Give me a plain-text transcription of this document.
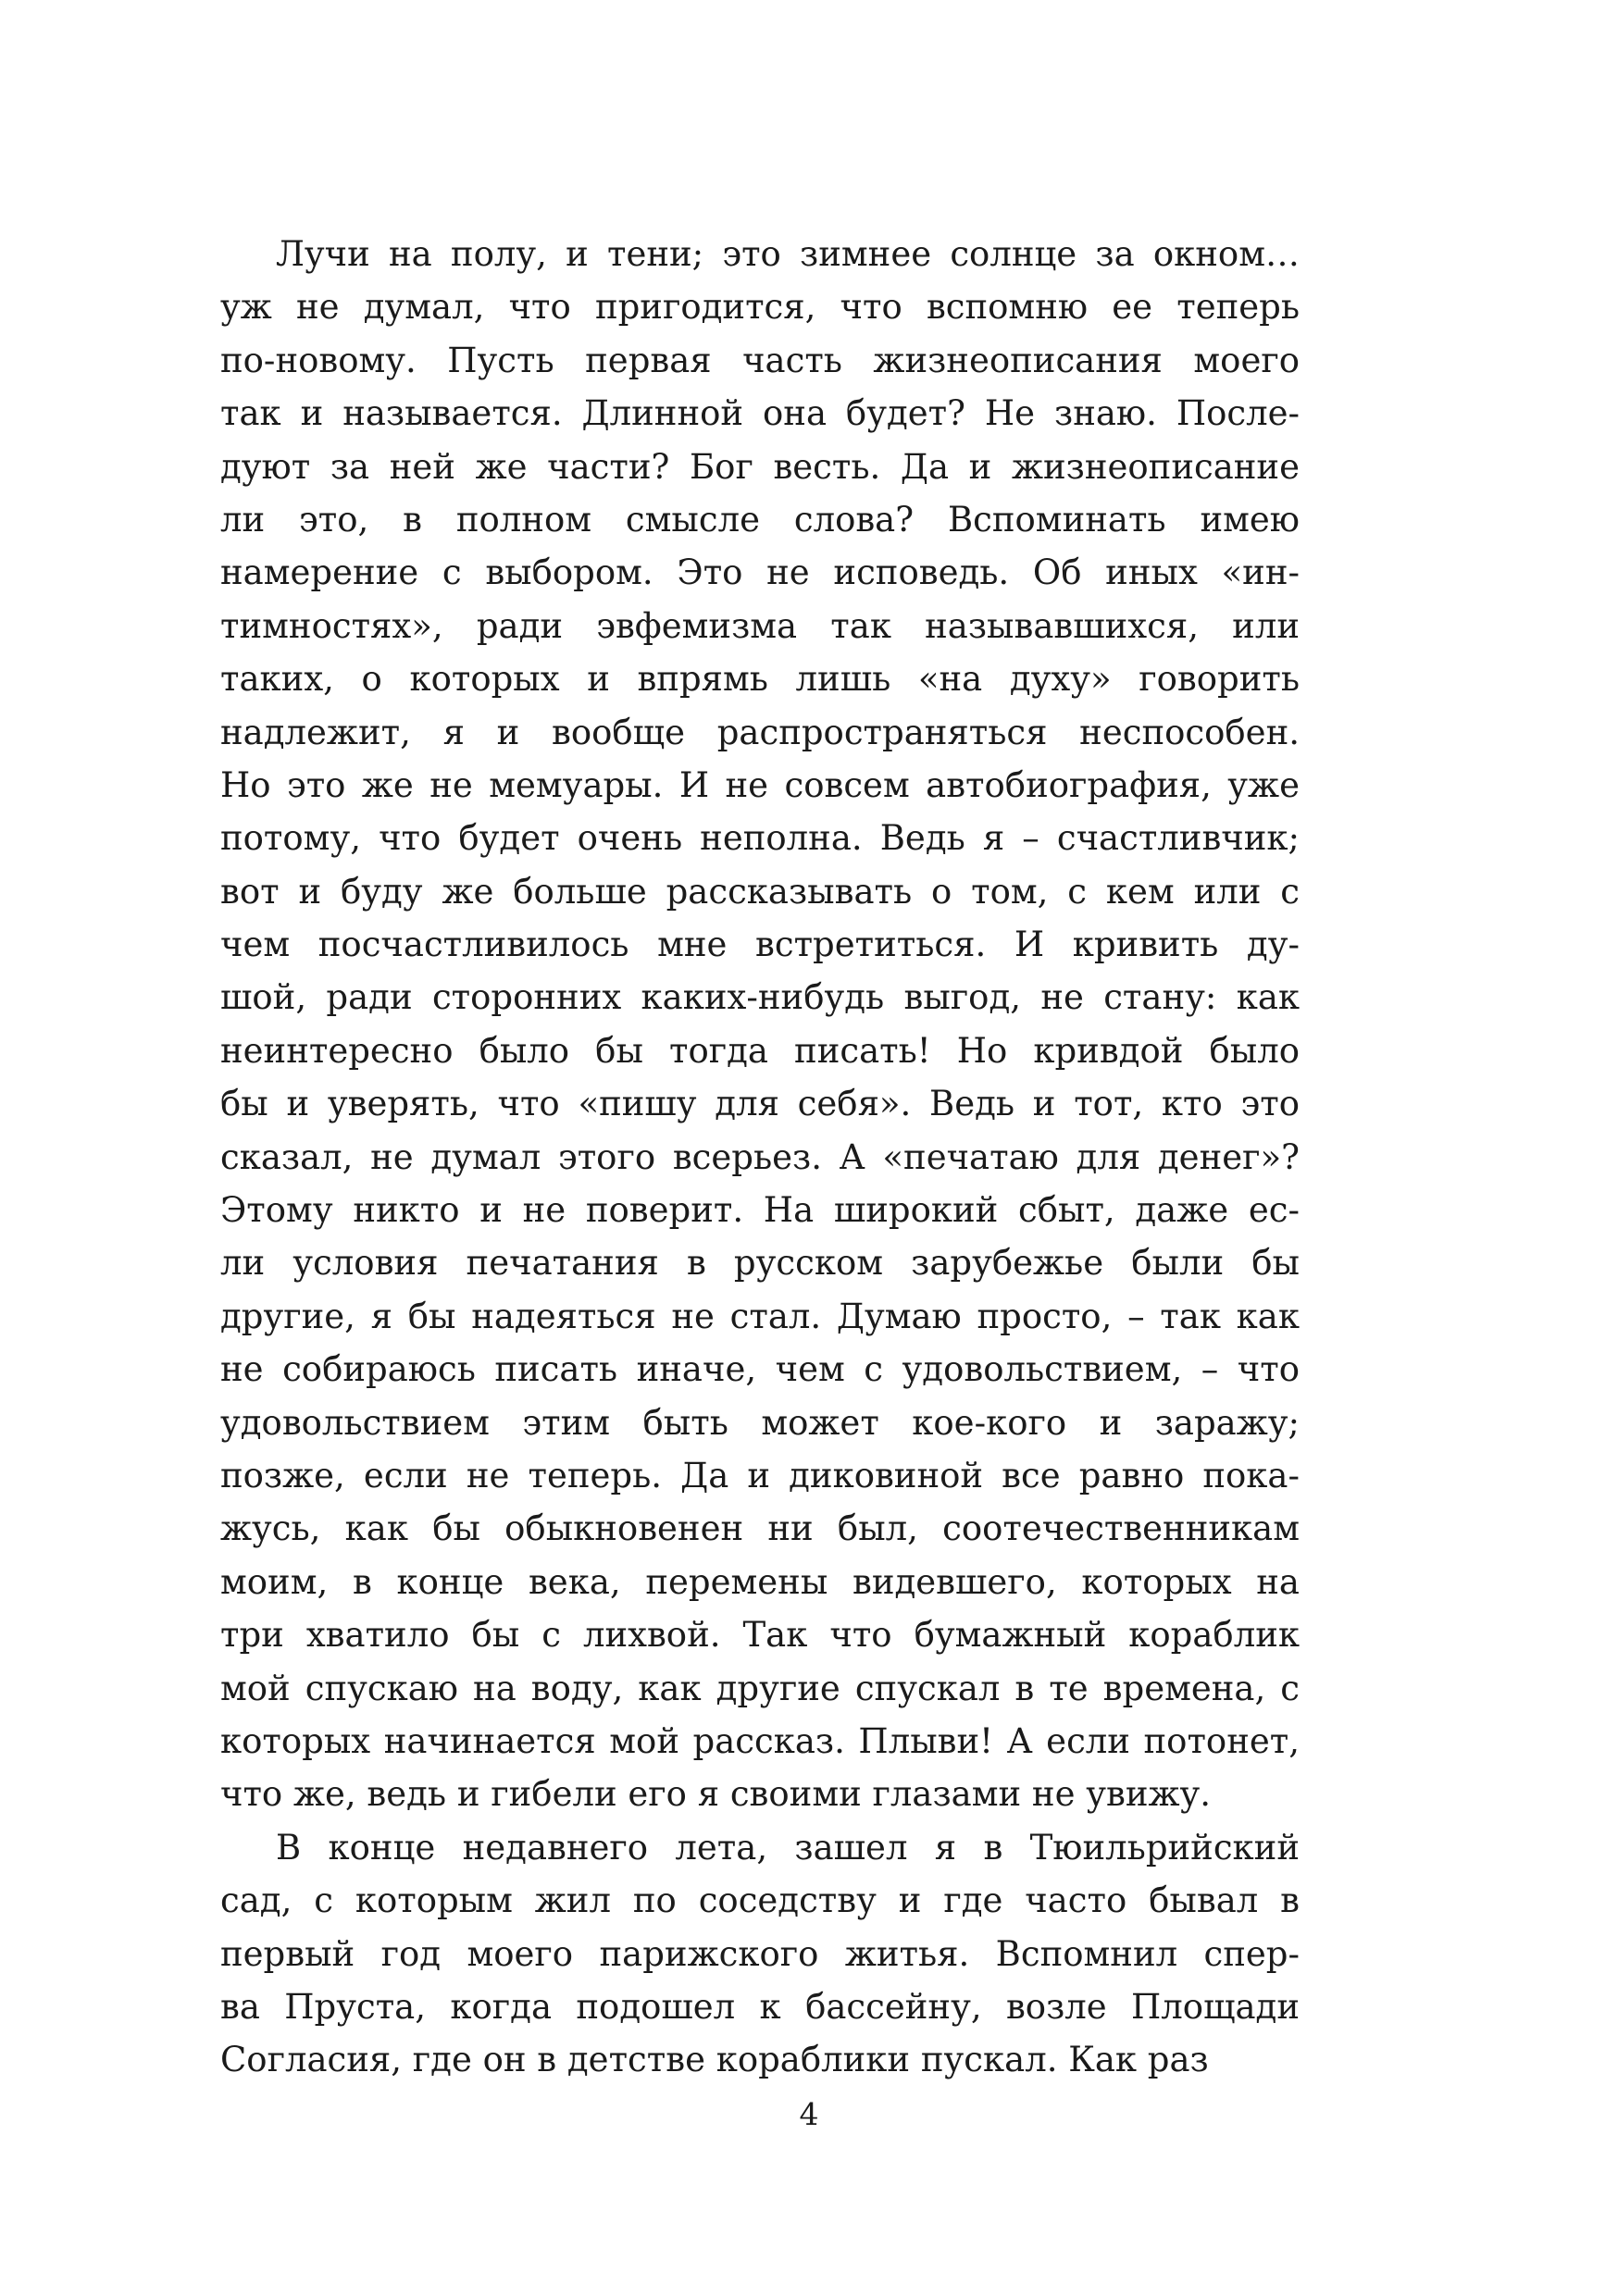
Лучи на полу, и тени; это зимнее солнце за окном…
уж не думал, что пригодится, что вспомню ее теперь
по-новому. Пусть первая часть жизнеописания моего
так и называется. Длинной она будет? Не знаю. После-
дуют за ней же части? Бог весть. Да и жизнеописание
ли это, в полном смысле слова? Вспоминать имею
намерение с выбором. Это не исповедь. Об иных «ин-
тимностях», ради эвфемизма так называвшихся, или
таких, о которых и впрямь лишь «на духу» говорить
надлежит, я и вообще распространяться неспособен.
Но это же не мемуары. И не совсем автобиография, уже
потому, что будет очень неполна. Ведь я – счастливчик;
вот и буду же больше рассказывать о том, с кем или с
чем посчастливилось мне встретиться. И кривить ду-
шой, ради сторонних каких-нибудь выгод, не стану: как
неинтересно было бы тогда писать! Но кривдой было
бы и уверять, что «пишу для себя». Ведь и тот, кто это
сказал, не думал этого всерьез. А «печатаю для денег»?
Этому никто и не поверит. На широкий сбыт, даже ес-
ли условия печатания в русском зарубежье были бы
другие, я бы надеяться не стал. Думаю просто, – так как
не собираюсь писать иначе, чем с удовольствием, – что
удовольствием этим быть может кое-кого и заражу;
позже, если не теперь. Да и диковиной все равно пока-
жусь, как бы обыкновенен ни был, соотечественникам
моим, в конце века, перемены видевшего, которых на
три хватило бы с лихвой. Так что бумажный кораблик
мой спускаю на воду, как другие спускал в те времена, с
которых начинается мой рассказ. Плыви! А если потонет,
что же, ведь и гибели его я своими глазами не увижу.
В конце недавнего лета, зашел я в Тюильрийский
сад, с которым жил по соседству и где часто бывал в
первый год моего парижского житья. Вспомнил спер-
ва Пруста, когда подошел к бассейну, возле Площади
Согласия, где он в детстве кораблики пускал. Как раз
4
